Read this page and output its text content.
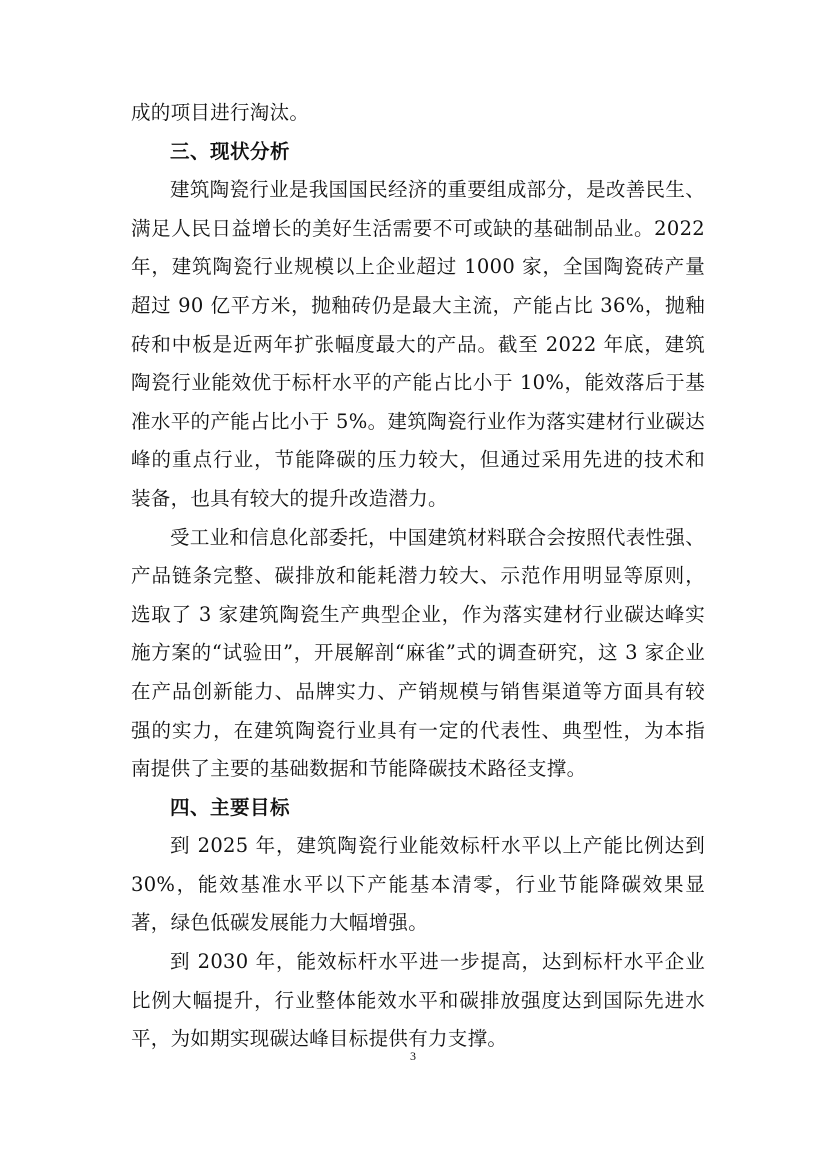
成的项目进行淘汰。

三、现状分析

建筑陶瓷行业是我国国民经济的重要组成部分，是改善民生、满足人民日益增长的美好生活需要不可或缺的基础制品业。2022 年，建筑陶瓷行业规模以上企业超过 1000 家，全国陶瓷砖产量超过 90 亿平方米，抛釉砖仍是最大主流，产能占比 36%，抛釉砖和中板是近两年扩张幅度最大的产品。截至 2022 年底，建筑陶瓷行业能效优于标杆水平的产能占比小于 10%，能效落后于基准水平的产能占比小于 5%。建筑陶瓷行业作为落实建材行业碳达峰的重点行业，节能降碳的压力较大，但通过采用先进的技术和装备，也具有较大的提升改造潜力。

受工业和信息化部委托，中国建筑材料联合会按照代表性强、产品链条完整、碳排放和能耗潜力较大、示范作用明显等原则，选取了 3 家建筑陶瓷生产典型企业，作为落实建材行业碳达峰实施方案的“试验田”，开展解剖“麻雀”式的调查研究，这 3 家企业在产品创新能力、品牌实力、产销规模与销售渠道等方面具有较强的实力，在建筑陶瓷行业具有一定的代表性、典型性，为本指南提供了主要的基础数据和节能降碳技术路径支撑。

四、主要目标

到 2025 年，建筑陶瓷行业能效标杆水平以上产能比例达到 30%，能效基准水平以下产能基本清零，行业节能降碳效果显著，绿色低碳发展能力大幅增强。

到 2030 年，能效标杆水平进一步提高，达到标杆水平企业比例大幅提升，行业整体能效水平和碳排放强度达到国际先进水平，为如期实现碳达峰目标提供有力支撑。

3
